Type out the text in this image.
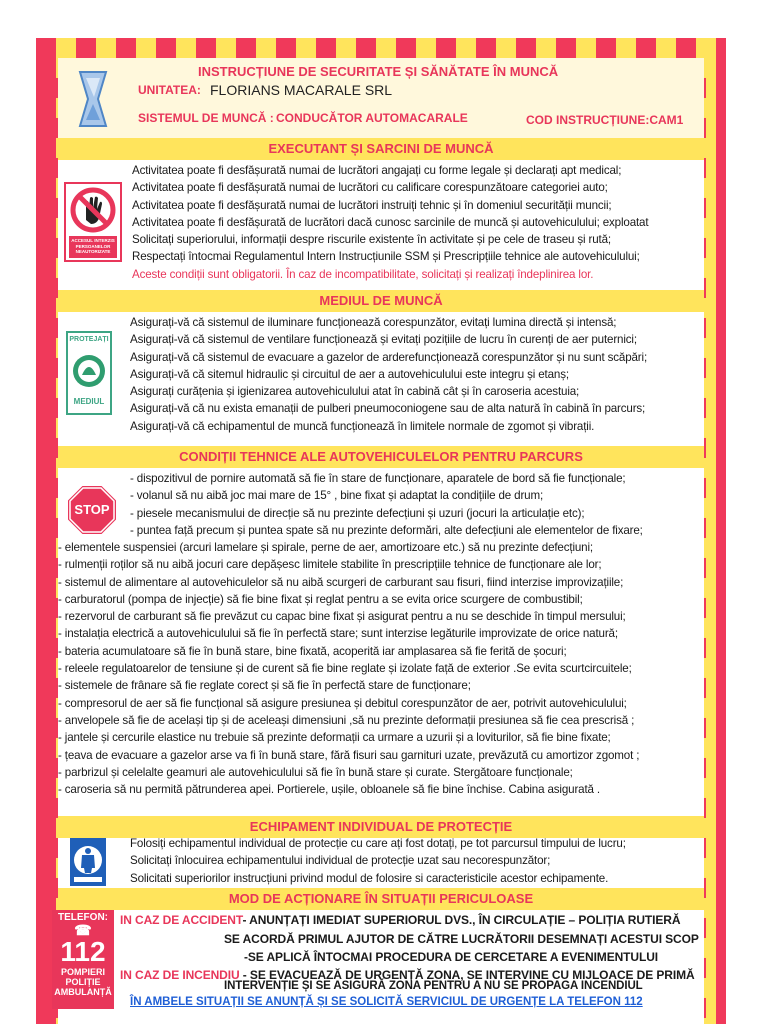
INSTRUCȚIUNE DE SECURITATE ȘI SĂNĂTATE ÎN MUNCĂ
UNITATEA: FLORIANS MACARALE SRL
SISTEMUL DE MUNCĂ : CONDUCĂTOR AUTOMACARALE	COD INSTRUCȚIUNE:CAM1
EXECUTANT ȘI SARCINI DE MUNCĂ
ACCESUL INTERZIS PERSOANELOR NEAUTORIZATE
Activitatea poate fi desfășurată numai de lucrători angajați cu forme legale și declarați apt medical;
Activitatea poate fi desfășurată numai de lucrători cu calificare corespunzătoare categoriei auto;
Activitatea poate fi desfășurată numai de lucrători instruiți tehnic și în domeniul securității muncii;
Activitatea poate fi desfășurată de lucrători dacă cunosc sarcinile de muncă și autovehiculului; exploatat
Solicitați superiorului, informații despre riscurile existente în activitate și pe cele de traseu și rută;
Respectați întocmai Regulamentul Intern Instrucțiunile SSM și Prescripțiile tehnice ale autovehiculului;
Aceste condiții sunt obligatorii. În caz de incompatibilitate, solicitați și realizați îndeplinirea lor.
MEDIUL DE MUNCĂ
PROTEJAȚI
MEDIUL
Asigurați-vă că sistemul de iluminare funcționează corespunzător, evitați lumina directă și intensă;
Asigurați-vă că sistemul de ventilare funcționează și evitați pozițiile de lucru în curenți de aer puternici;
Asigurați-vă că sistemul de evacuare a gazelor de arderefuncționează corespunzător și nu sunt scăpări;
Asigurați-vă că sitemul hidraulic și circuitul de aer a autovehiculului este integru și etanș;
Asigurați curățenia și igienizarea autovehiculului atat în cabină cât și în caroseria acestuia;
Asigurați-vă că nu exista emanații de pulberi pneumoconiogene sau de alta natură în cabină în parcurs;
Asigurați-vă că echipamentul de muncă funcționează în limitele normale de zgomot și vibrații.
CONDIȚII TEHNICE ALE AUTOVEHICULELOR PENTRU PARCURS
STOP
- dispozitivul de pornire automată să fie în stare de funcționare, aparatele de bord să fie funcționale;
- volanul să nu aibă joc mai mare de 15° , bine fixat și adaptat la condițiile de drum;
- piesele mecanismului de direcție să nu prezinte defecțiuni și uzuri (jocuri la articulație etc);
- puntea față precum și puntea spate să nu prezinte deformări, alte defecțiuni ale elementelor de fixare;
- elementele suspensiei (arcuri lamelare și spirale, perne de aer, amortizoare etc.) să nu prezinte defecțiuni;
- rulmenții roților să nu aibă jocuri care depășesc limitele stabilite în prescripțiile tehnice de funcționare ale lor;
- sistemul de alimentare al autovehiculelor să nu aibă scurgeri de carburant sau fisuri, fiind interzise improvizațiile;
- carburatorul (pompa de injecție) să fie bine fixat și reglat pentru a se evita orice scurgere de combustibil;
- rezervorul de carburant să fie prevăzut cu capac bine fixat și asigurat pentru a nu se deschide în timpul mersului;
- instalația electrică a autovehiculului să fie în perfectă stare; sunt interzise legăturile improvizate de orice natură;
- bateria acumulatoare să fie în bună stare, bine fixată, acoperită iar amplasarea să fie ferită de șocuri;
- releele regulatoarelor de tensiune și de curent să fie bine reglate și izolate față de exterior .Se evita scurtcircuitele;
- sistemele de frânare să fie reglate corect și să fie în perfectă stare de funcționare;
- compresorul de aer să fie funcțional să asigure presiunea și debitul corespunzător de aer, potrivit autovehiculului;
- anvelopele să fie de același tip și de aceleași dimensiuni ,să nu prezinte deformații presiunea să fie cea prescrisă ;
- jantele și cercurile elastice nu trebuie să prezinte deformații ca urmare a uzurii și a loviturilor, să fie bine fixate;
- țeava de evacuare a gazelor arse va fi în bună stare, fără fisuri sau garnituri uzate, prevăzută cu amortizor zgomot ;
- parbrizul și celelalte geamuri ale autovehiculului să fie în bună stare și curate. Stergătoare funcționale;
- caroseria să nu permită pătrunderea apei. Portierele, ușile, obloanele să fie bine închise. Cabina asigurată .
ECHIPAMENT INDIVIDUAL DE PROTECȚIE
Folosiți echipamentul individual de protecție cu care ați fost dotați, pe tot parcursul timpului de lucru;
Solicitați înlocuirea echipamentului individual de protecție uzat sau necorespunzător;
Solicitati superiorilor instrucțiuni privind modul de folosire si caracteristicile acestor echipamente.
MOD DE ACȚIONARE ÎN SITUAȚII PERICULOASE
TELEFON:
☎
112
POMPIERI
POLIȚIE
AMBULANȚĂ
IN CAZ DE ACCIDENT- ANUNȚAȚI IMEDIAT SUPERIORUL DVS., ÎN CIRCULAȚIE – POLIȚIA RUTIERĂ
SE ACORDĂ PRIMUL AJUTOR DE CĂTRE LUCRĂTORII DESEMNAȚI ACESTUI SCOP
-SE APLICĂ ÎNTOCMAI PROCEDURA DE CERCETARE A EVENIMENTULUI
IN CAZ DE INCENDIU - SE EVACUEAZĂ DE URGENȚĂ ZONA, SE INTERVINE CU MIJLOACE DE PRIMĂ
INTERVENȚIE ȘI SE ASIGURĂ ZONA PENTRU A NU SE PROPAGA INCENDIUL
ÎN AMBELE SITUAȚII SE ANUNȚĂ ȘI SE SOLICITĂ SERVICIUL DE URGENȚE LA TELEFON 112
